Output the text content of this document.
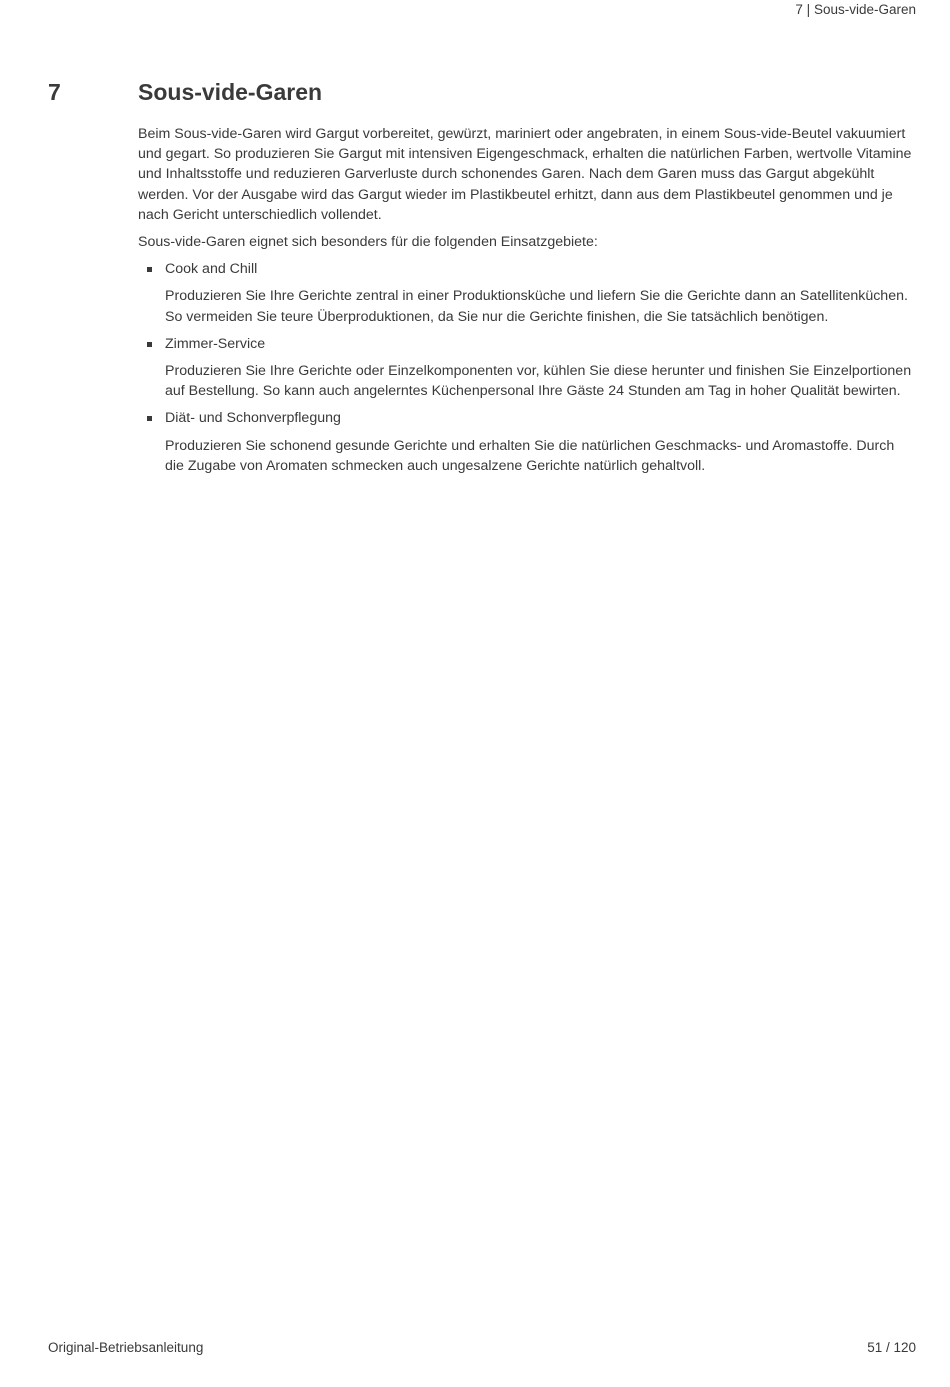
7 | Sous-vide-Garen
7	Sous-vide-Garen

Beim Sous-vide-Garen wird Gargut vorbereitet, gewürzt, mariniert oder angebraten, in einem Sous-vide-Beutel vakuumiert und gegart. So produzieren Sie Gargut mit intensiven Eigengeschmack, erhalten die natürlichen Farben, wertvolle Vitamine und Inhaltsstoffe und reduzieren Garverluste durch schonendes Garen. Nach dem Garen muss das Gargut abgekühlt werden. Vor der Ausgabe wird das Gargut wieder im Plastikbeutel erhitzt, dann aus dem Plastikbeutel genommen und je nach Gericht unterschiedlich vollendet.

Sous-vide-Garen eignet sich besonders für die folgenden Einsatzgebiete:

Cook and Chill

Produzieren Sie Ihre Gerichte zentral in einer Produktionsküche und liefern Sie die Gerichte dann an Satellitenküchen. So vermeiden Sie teure Überproduktionen, da Sie nur die Gerichte finishen, die Sie tatsächlich benötigen.

Zimmer-Service

Produzieren Sie Ihre Gerichte oder Einzelkomponenten vor, kühlen Sie diese herunter und finishen Sie Einzelportionen auf Bestellung. So kann auch angelerntes Küchenpersonal Ihre Gäste 24 Stunden am Tag in hoher Qualität bewirten.

Diät- und Schonverpflegung

Produzieren Sie schonend gesunde Gerichte und erhalten Sie die natürlichen Geschmacks- und Aromastoffe. Durch die Zugabe von Aromaten schmecken auch ungesalzene Gerichte natürlich gehaltvoll.

Original-Betriebsanleitung	51 / 120
